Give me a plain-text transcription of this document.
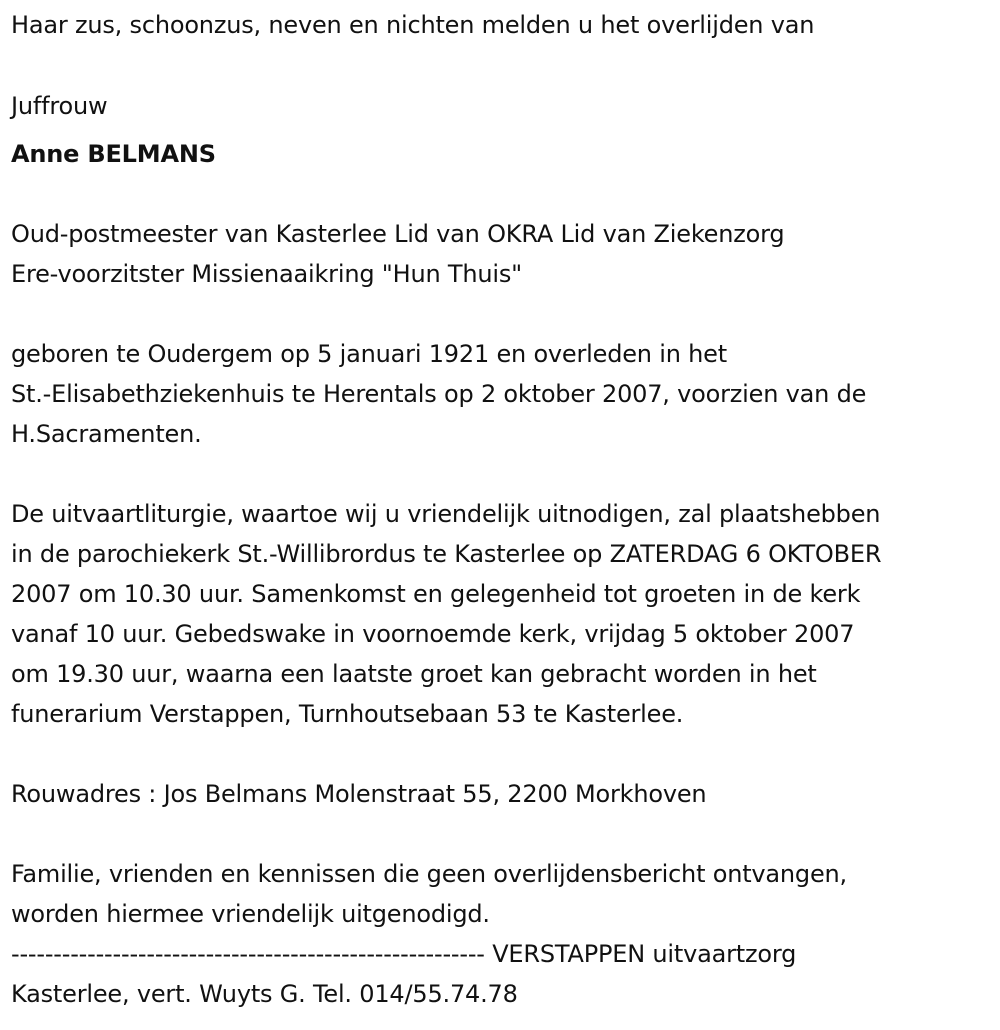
Haar zus, schoonzus, neven en nichten melden u het overlijden van
Juffrouw
Anne BELMANS
Oud-postmeester van Kasterlee Lid van OKRA Lid van Ziekenzorg
Ere-voorzitster Missienaaikring "Hun Thuis"
geboren te Oudergem op 5 januari 1921 en overleden in het
St.-Elisabethziekenhuis te Herentals op 2 oktober 2007, voorzien van de
H.Sacramenten.
De uitvaartliturgie, waartoe wij u vriendelijk uitnodigen, zal plaatshebben
in de parochiekerk St.-Willibrordus te Kasterlee op ZATERDAG 6 OKTOBER
2007 om 10.30 uur. Samenkomst en gelegenheid tot groeten in de kerk
vanaf 10 uur. Gebedswake in voornoemde kerk, vrijdag 5 oktober 2007
om 19.30 uur, waarna een laatste groet kan gebracht worden in het
funerarium Verstappen, Turnhoutsebaan 53 te Kasterlee.
Rouwadres : Jos Belmans Molenstraat 55, 2200 Morkhoven
Familie, vrienden en kennissen die geen overlijdensbericht ontvangen,
worden hiermee vriendelijk uitgenodigd.
-------------------------------------------------------- VERSTAPPEN uitvaartzorg
Kasterlee, vert. Wuyts G. Tel. 014/55.74.78
